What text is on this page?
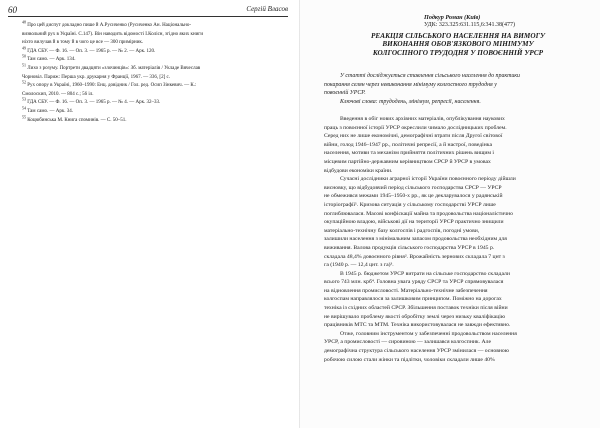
60	Сергій Власов
$^{48}$ Про цей диспут докладно пише й А.Русиченко (Русиченко Ан. Національно-
визвольний рух в Україні. С.147). Він наводить відомості І.Колісн, згідно яких книги
ніхто вилучав й в тому й в чого це все — 300 примірник.
$^{49}$ ГДА СБУ. — Ф. 16. — Оп. 3. — 1965 р. — № 2. — Арк. 120.
$^{50}$ Там само. — Арк. 134.
$^{51}$ Лихо з розуму. Портрети двадцяти «злочинців»: Зб. матеріалів / Укладе Вячеслав
Чорновіл. Париж: Перша укр. друкарня у Франції, 1967. — 336, [2] с.
$^{52}$ Рух опору в Україні, 1960–1990: Енц. довідник / Гол. ред. Осип Зінкевич. — К.:
Смолоскип, 2010. — 804 с.; 56 іл.
$^{53}$ ГДА СБУ. — Ф. 16. — Оп. 3. — 1965 р. — № 4. — Арк. 32–33.
$^{54}$ Там само. — Арк. 34.
$^{55}$ Коцюбинська М. Книга споминів. — С. 50–51.
Подкур Роман (Київ)
УДК: 323.325:631.115,6:341.38(477)
РЕАКЦІЯ СІЛЬСЬКОГО НАСЕЛЕННЯ НА ВИМОГУ
ВИКОНАННЯ ОБОВ'ЯЗКОВОГО МІНІМУМУ
КОЛГОСПНОГО ТРУДОДНЯ У ПОВОЄННІЙ УРСР
У статті досліджується ставлення сільського населення до практики
покарання селян через невиконання мінімуму колгоспного трудодня у
повоєнній УРСР.
Ключові слова: трудодень, мінімум, репресії, населення.
Введення в обіг нових архівних матеріалів, опублікування наукових
праць з повоєнної історії УРСР окреслили чимало дослідницьких проблем.
Серед них не лише економічні, демографічні втрати після Другої світової
війни, голод 1946–1947 рр., політичні репресії, а й настрої, поведінка
населення, мотиви та механізм прийняття політичних рішень вищим і
місцевим партійно-державним керівництвом СРСР й УРСР в умовах
відбудови економіки країни.
Сучасні дослідники аграрної історії України повоєнного періоду дійшли
висновку, що відбудовчий період сільського господарства СРСР — УРСР
не обмежився межами 1945–1950-х рр., як це декларувалося у радянській
історіографії¹. Кризова ситуація у сільському господарстві УРСР лише
поглиблювалася. Масові конфіскації майна та продовольства націоналістично
окупаційною владою, військові дії на території УРСР практично знищили
матеріально-технічну базу колгоспів і радгоспів, погодні умови,
залишили населення з мінімальним запасом продовольства необхідним для
виживання. Валова продукція сільського господарства УРСР в 1945 р.
складала 48,4% довоєнного рівня². Врожайність зернових складала 7 цнт з
га (1940 р. — 12,4 цнт. з га)³.
В 1945 р. бюджетом УРСР витрати на сільське господарство складали
всього 743 млн. крб⁴. Головна увага уряду СРСР та УРСР спрямовувалася
на відновлення промисловості. Матеріально-технічне забезпечення
колгоспам направлялося за залишковим принципом. Поміжно на дорогах
техніка із східних областей СРСР. Збільшення поставок техніки після війни
не вирішувало проблему якості обробітку землі через низьку кваліфікацію
працівників МТС та МТМ. Техніка використовувалася не завжди ефективно.
Отже, головним інструментом у забезпеченні продовольством населення
УРСР, а промисловості — сировиною — залишався колгоспник. Але
демографічна структура сільського населення УРСР змінилася — основною
робочою силою стали жінки та підлітки, чоловіки складали лише 40%
